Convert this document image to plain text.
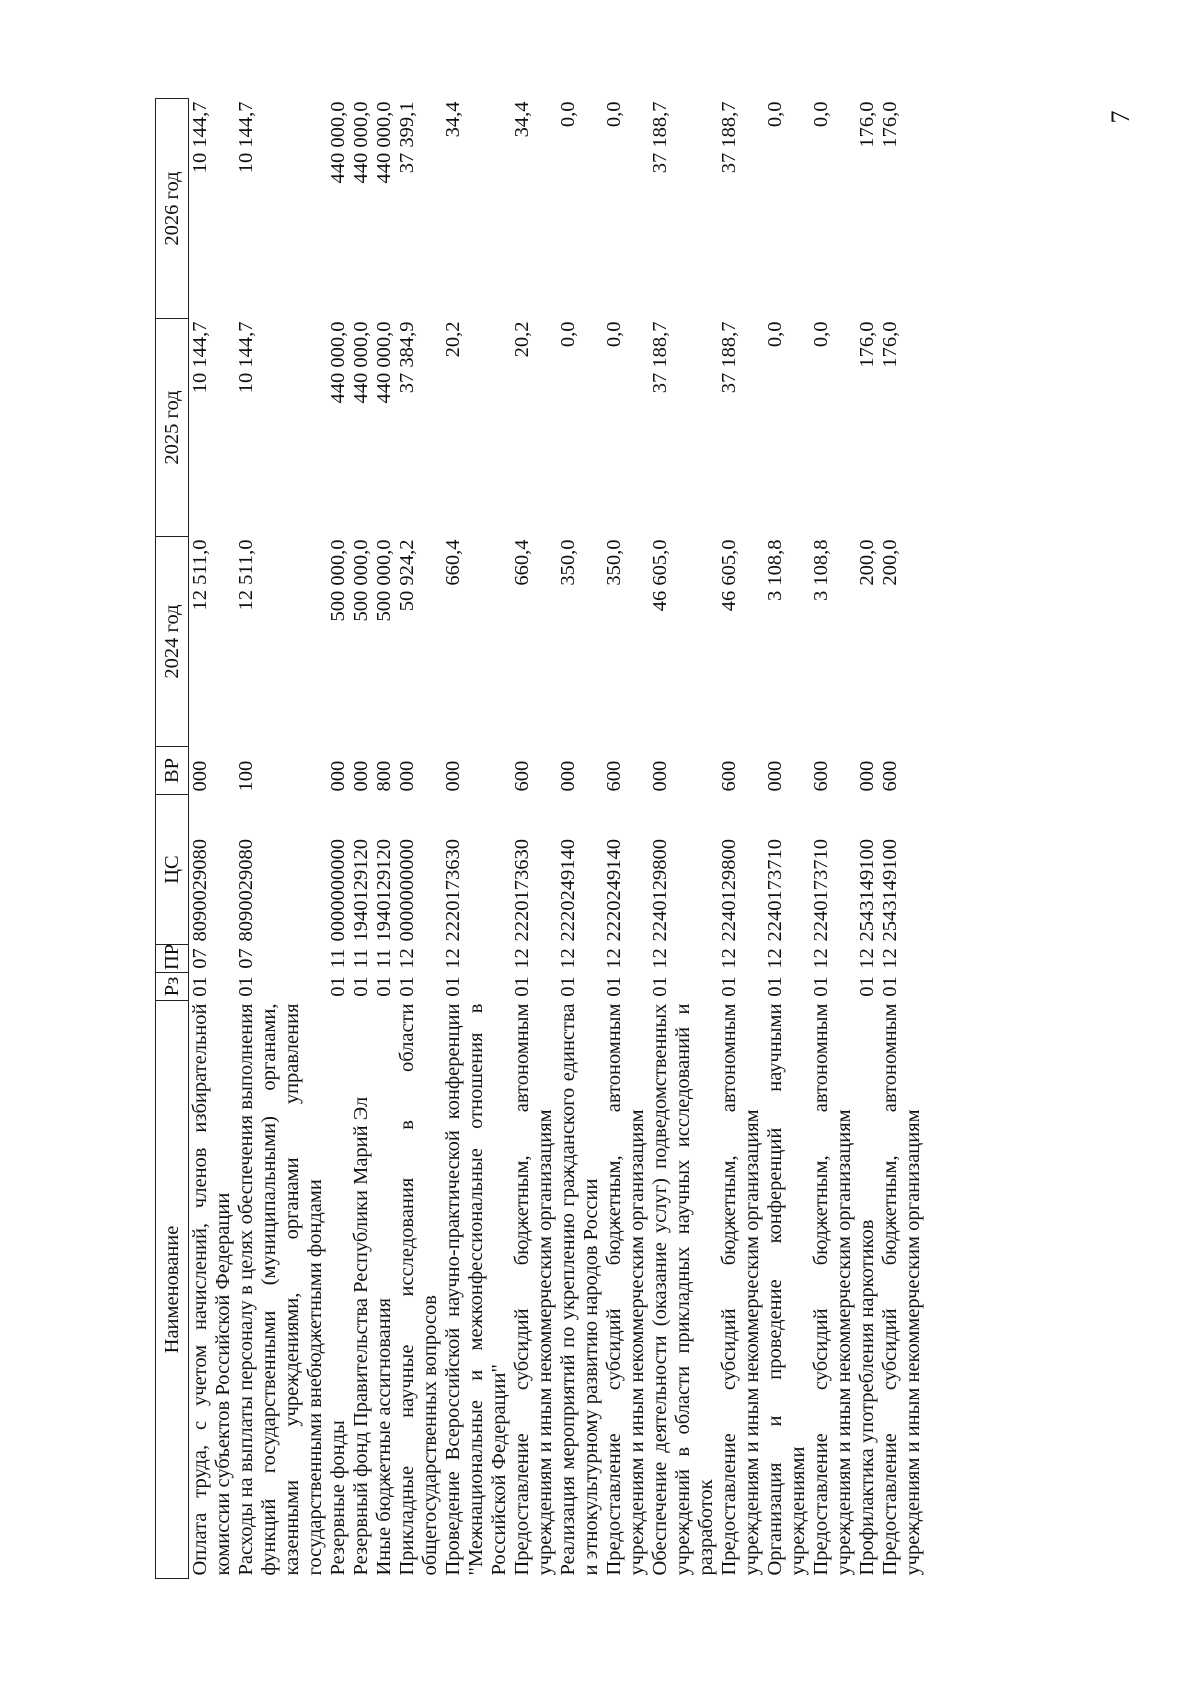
7
Наименование	Рз	ПР	ЦС	ВР	2024 год	2025 год	2026 год
Оплата труда, с учетом начислений, членов избирательной комиссии субъектов Российской Федерации	01	07	8090029080	000	12 511,0	10 144,7	10 144,7
Расходы на выплаты персоналу в целях обеспечения выполнения функций государственными (муниципальными) органами, казенными учреждениями, органами управления государственными внебюджетными фондами	01	07	8090029080	100	12 511,0	10 144,7	10 144,7
Резервные фонды	01	11	0000000000	000	500 000,0	440 000,0	440 000,0
Резервный фонд Правительства Республики Марий Эл	01	11	1940129120	000	500 000,0	440 000,0	440 000,0
Иные бюджетные ассигнования	01	11	1940129120	800	500 000,0	440 000,0	440 000,0
Прикладные научные исследования в области общегосударственных вопросов	01	12	0000000000	000	50 924,2	37 384,9	37 399,1
Проведение Всероссийской научно-практической конференции "Межнациональные и межконфессиональные отношения в Российской Федерации"	01	12	2220173630	000	660,4	20,2	34,4
Предоставление субсидий бюджетным, автономным учреждениям и иным некоммерческим организациям	01	12	2220173630	600	660,4	20,2	34,4
Реализация мероприятий по укреплению гражданского единства и этнокультурному развитию народов России	01	12	2220249140	000	350,0	0,0	0,0
Предоставление субсидий бюджетным, автономным учреждениям и иным некоммерческим организациям	01	12	2220249140	600	350,0	0,0	0,0
Обеспечение деятельности (оказание услуг) подведомственных учреждений в области прикладных научных исследований и разработок	01	12	2240129800	000	46 605,0	37 188,7	37 188,7
Предоставление субсидий бюджетным, автономным учреждениям и иным некоммерческим организациям	01	12	2240129800	600	46 605,0	37 188,7	37 188,7
Организация и проведение конференций научными учреждениями	01	12	2240173710	000	3 108,8	0,0	0,0
Предоставление субсидий бюджетным, автономным учреждениям и иным некоммерческим организациям	01	12	2240173710	600	3 108,8	0,0	0,0
Профилактика употребления наркотиков	01	12	2543149100	000	200,0	176,0	176,0
Предоставление субсидий бюджетным, автономным учреждениям и иным некоммерческим организациям	01	12	2543149100	600	200,0	176,0	176,0
